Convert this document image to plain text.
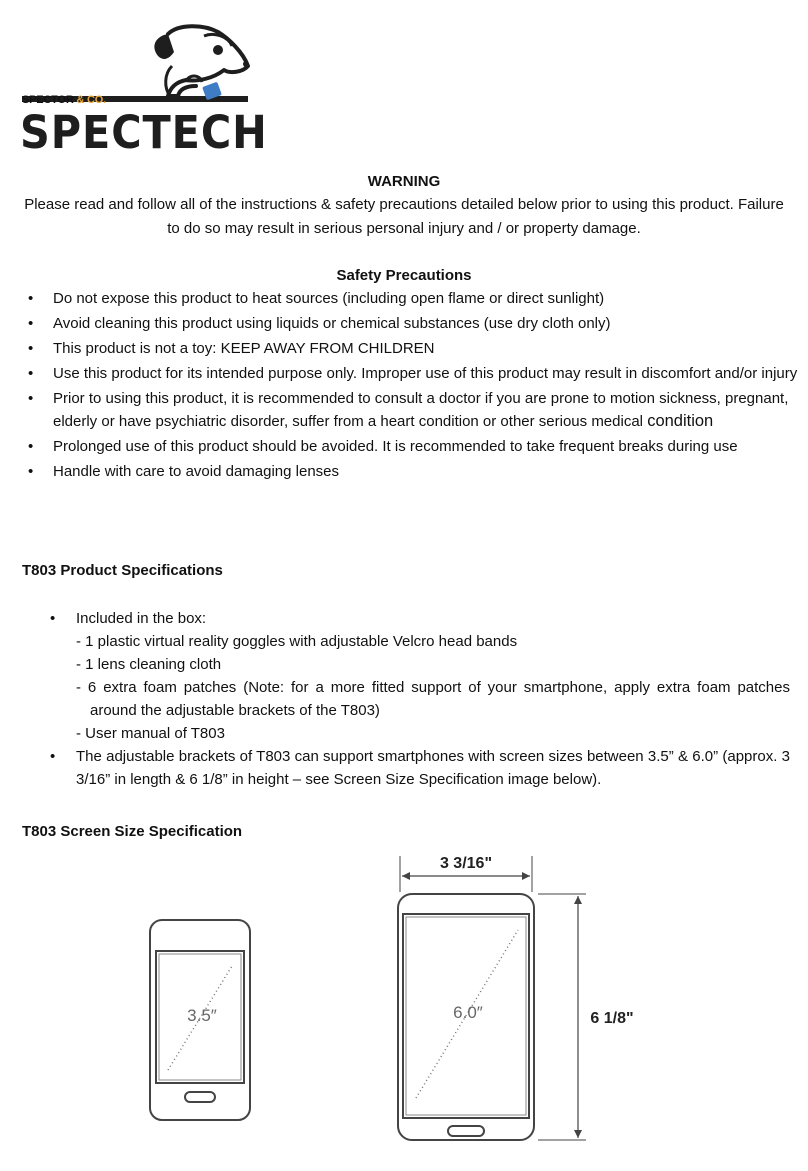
SPECTOR & CO.
SPECTECH
WARNING
Please read and follow all of the instructions & safety precautions detailed below prior to using this product. Failure to do so may result in serious personal injury and / or property damage.
Safety Precautions
• Do not expose this product to heat sources (including open flame or direct sunlight)
• Avoid cleaning this product using liquids or chemical substances (use dry cloth only)
• This product is not a toy: KEEP AWAY FROM CHILDREN
• Use this product for its intended purpose only. Improper use of this product may result in discomfort and/or injury
• Prior to using this product, it is recommended to consult a doctor if you are prone to motion sickness, pregnant, elderly or have psychiatric disorder, suffer from a heart condition or other serious medical condition
• Prolonged use of this product should be avoided. It is recommended to take frequent breaks during use
• Handle with care to avoid damaging lenses
T803 Product Specifications
• Included in the box:
- 1 plastic virtual reality goggles with adjustable Velcro head bands
- 1 lens cleaning cloth
- 6 extra foam patches (Note: for a more fitted support of your smartphone, apply extra foam patches around the adjustable brackets of the T803)
- User manual of T803
• The adjustable brackets of T803 can support smartphones with screen sizes between 3.5” & 6.0” (approx. 3 3/16” in length & 6 1/8” in height – see Screen Size Specification image below).
T803 Screen Size Specification
3.5″	6.0″
3 3/16"
6 1/8"
